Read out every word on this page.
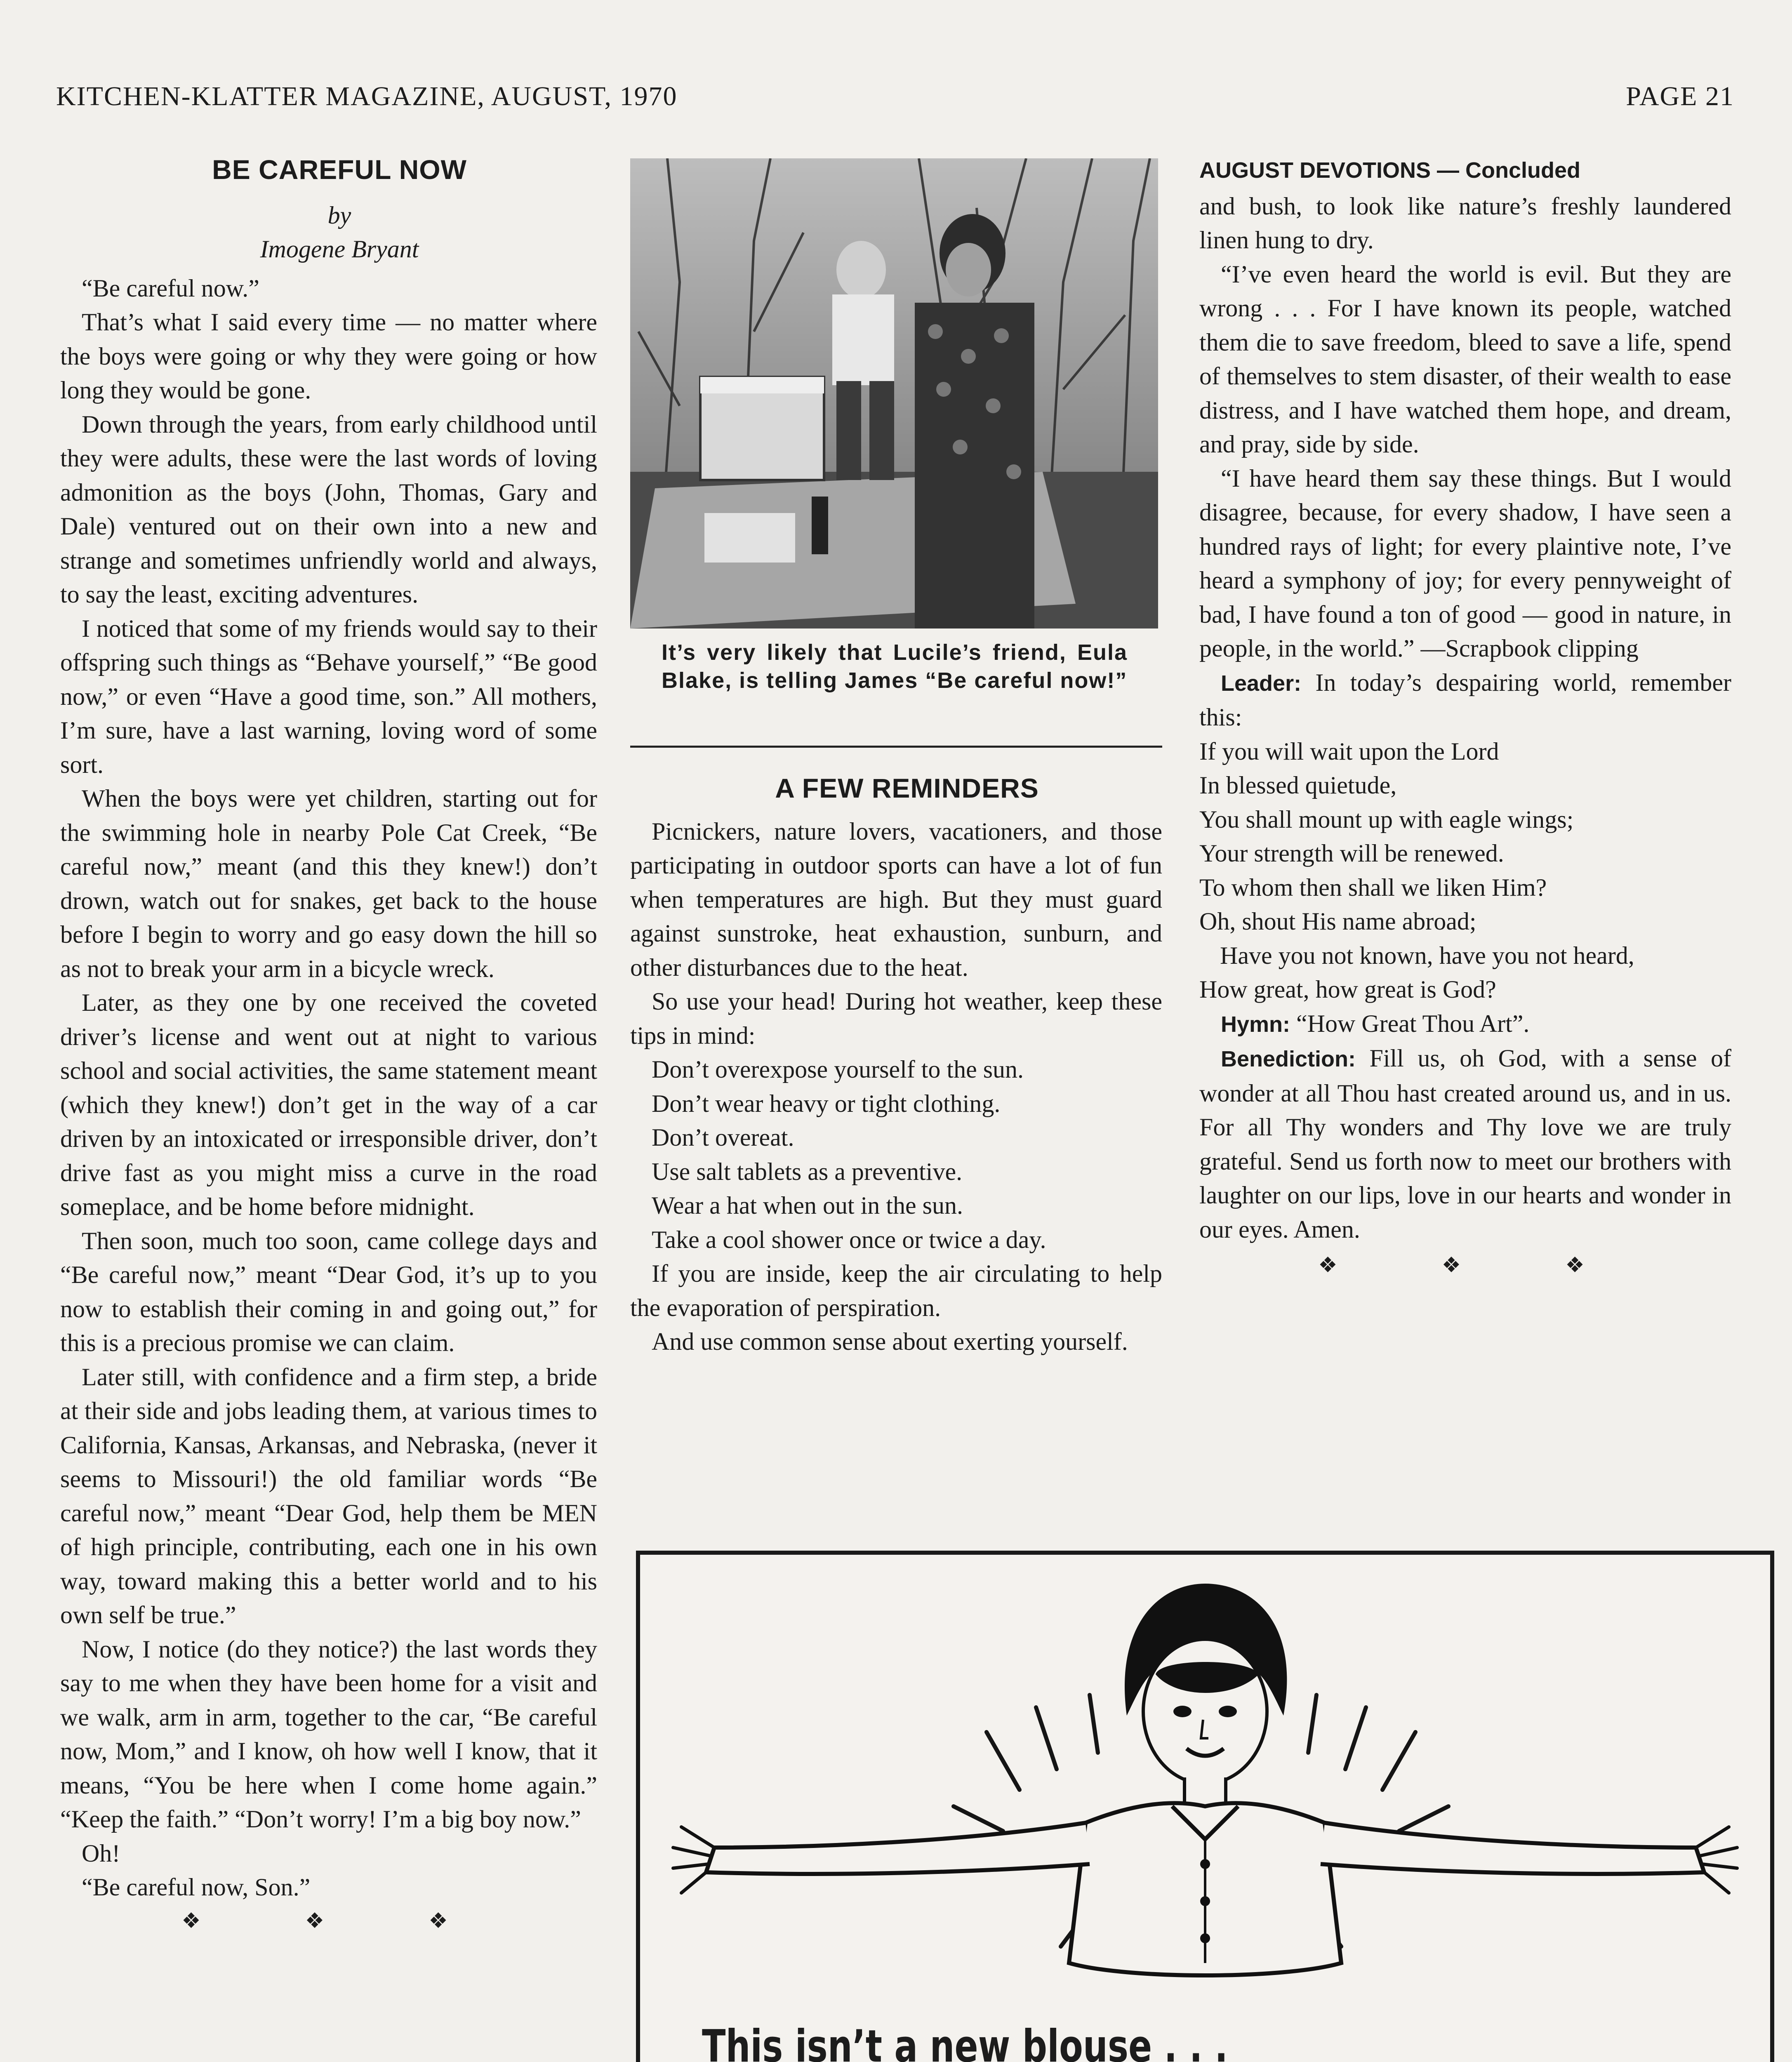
KITCHEN-KLATTER MAGAZINE, AUGUST, 1970	PAGE 21

BE CAREFUL NOW

by

Imogene Bryant

“Be careful now.”

That’s what I said every time — no matter where the boys were going or why they were going or how long they would be gone.

Down through the years, from early childhood until they were adults, these were the last words of loving admonition as the boys (John, Thomas, Gary and Dale) ventured out on their own into a new and strange and sometimes unfriendly world and always, to say the least, exciting adventures.

I noticed that some of my friends would say to their offspring such things as “Behave yourself,” “Be good now,” or even “Have a good time, son.” All mothers, I’m sure, have a last warning, loving word of some sort.

When the boys were yet children, starting out for the swimming hole in nearby Pole Cat Creek, “Be careful now,” meant (and this they knew!) don’t drown, watch out for snakes, get back to the house before I begin to worry and go easy down the hill so as not to break your arm in a bicycle wreck.

Later, as they one by one received the coveted driver’s license and went out at night to various school and social activities, the same statement meant (which they knew!) don’t get in the way of a car driven by an intoxicated or irresponsible driver, don’t drive fast as you might miss a curve in the road someplace, and be home before midnight.

Then soon, much too soon, came college days and “Be careful now,” meant “Dear God, it’s up to you now to establish their coming in and going out,” for this is a precious promise we can claim.

Later still, with confidence and a firm step, a bride at their side and jobs leading them, at various times to California, Kansas, Arkansas, and Nebraska, (never it seems to Missouri!) the old familiar words “Be careful now,” meant “Dear God, help them be MEN of high principle, contributing, each one in his own way, toward making this a better world and to his own self be true.”

Now, I notice (do they notice?) the last words they say to me when they have been home for a visit and we walk, arm in arm, together to the car, “Be careful now, Mom,” and I know, oh how well I know, that it means, “You be here when I come home again.” “Keep the faith.” “Don’t worry! I’m a big boy now.”

Oh!

“Be careful now, Son.”

❖ ❖ ❖

It’s very likely that Lucile’s friend, Eula Blake, is telling James “Be careful now!”

A FEW REMINDERS

Picnickers, nature lovers, vacationers, and those participating in outdoor sports can have a lot of fun when temperatures are high. But they must guard against sunstroke, heat exhaustion, sunburn, and other disturbances due to the heat.

So use your head! During hot weather, keep these tips in mind:

Don’t overexpose yourself to the sun.

Don’t wear heavy or tight clothing.

Don’t overeat.

Use salt tablets as a preventive.

Wear a hat when out in the sun.

Take a cool shower once or twice a day.

If you are inside, keep the air circulating to help the evaporation of perspiration.

And use common sense about exerting yourself.

AUGUST DEVOTIONS — Concluded

and bush, to look like nature’s freshly laundered linen hung to dry.

“I’ve even heard the world is evil. But they are wrong . . . For I have known its people, watched them die to save freedom, bleed to save a life, spend of themselves to stem disaster, of their wealth to ease distress, and I have watched them hope, and dream, and pray, side by side.

“I have heard them say these things. But I would disagree, because, for every shadow, I have seen a hundred rays of light; for every plaintive note, I’ve heard a symphony of joy; for every pennyweight of bad, I have found a ton of good — good in nature, in people, in the world.” —Scrapbook clipping

Leader: In today’s despairing world, remember this:

If you will wait upon the Lord

In blessed quietude,

You shall mount up with eagle wings;

Your strength will be renewed.

To whom then shall we liken Him?

Oh, shout His name abroad;

Have you not known, have you not heard,

How great, how great is God?

Hymn: “How Great Thou Art”.

Benediction: Fill us, oh God, with a sense of wonder at all Thou hast created around us, and in us. For all Thy wonders and Thy love we are truly grateful. Send us forth now to meet our brothers with laughter on our lips, love in our hearts and wonder in our eyes. Amen.

❖ ❖ ❖

This isn’t a new blouse . . .
